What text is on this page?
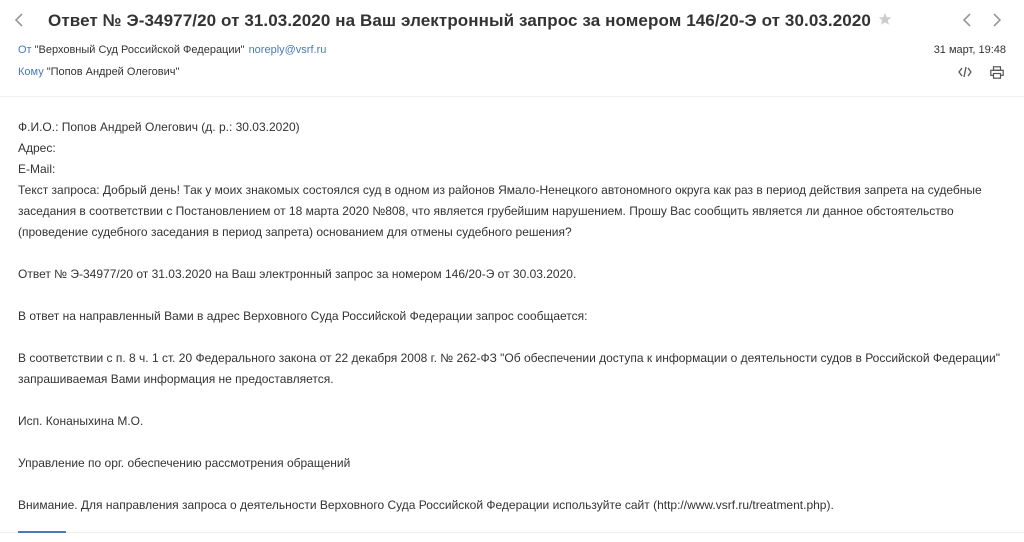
Ответ № Э-34977/20 от 31.03.2020 на Ваш электронный запрос за номером 146/20-Э от 30.03.2020
От "Верховный Суд Российской Федерации" noreply@vsrf.ru
Кому "Попов Андрей Олегович"
31 март, 19:48

Ф.И.О.: Попов Андрей Олегович (д. р.: 30.03.2020)

Адрес:

E-Mail:

Текст запроса: Добрый день! Так у моих знакомых состоялся суд в одном из районов Ямало-Ненецкого автономного округа как раз в период действия запрета на судебные заседания в соответствии с Постановлением от 18 марта 2020 №808, что является грубейшим нарушением. Прошу Вас сообщить является ли данное обстоятельство (проведение судебного заседания в период запрета) основанием для отмены судебного решения?

Ответ № Э-34977/20 от 31.03.2020 на Ваш электронный запрос за номером 146/20-Э от 30.03.2020.

В ответ на направленный Вами в адрес Верховного Суда Российской Федерации запрос сообщается:

В соответствии с п. 8 ч. 1 ст. 20 Федерального закона от 22 декабря 2008 г. № 262-ФЗ "Об обеспечении доступа к информации о деятельности судов в Российской Федерации" запрашиваемая Вами информация не предоставляется.

Исп. Конаныхина М.О.

Управление по орг. обеспечению рассмотрения обращений

Внимание. Для направления запроса о деятельности Верховного Суда Российской Федерации используйте сайт (http://www.vsrf.ru/treatment.php).
